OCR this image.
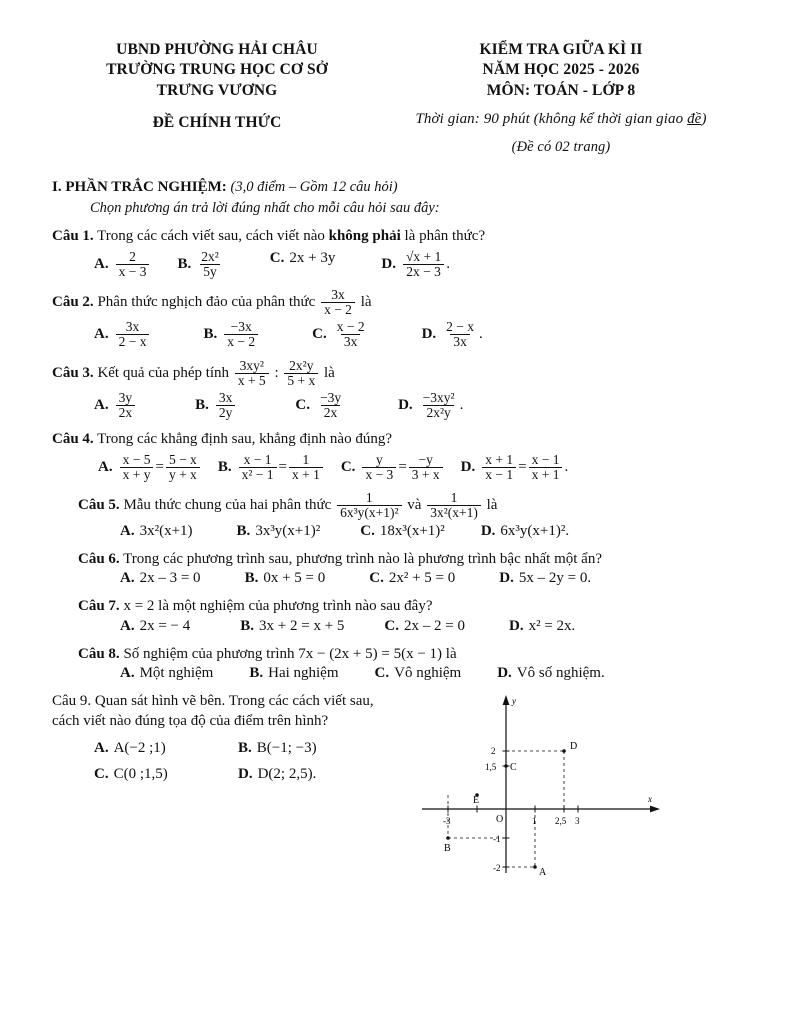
UBND PHƯỜNG HẢI CHÂU
TRƯỜNG TRUNG HỌC CƠ SỞ
TRƯNG VƯƠNG
ĐỀ CHÍNH THỨC
KIỂM TRA GIỮA KÌ II
NĂM HỌC 2025 - 2026
MÔN: TOÁN - LỚP 8
Thời gian: 90 phút (không kể thời gian giao đề)
(Đề có 02 trang)
I. PHẦN TRẮC NGHIỆM: (3,0 điểm – Gồm 12 câu hỏi)
Chọn phương án trả lời đúng nhất cho mỗi câu hỏi sau đây:
Câu 1. Trong các cách viết sau, cách viết nào không phải là phân thức?
A. $\frac{2}{x - 3} B$. $\frac{\text{2x²}}{5y}$	C. 2x + 3y	D. $\frac{√x + 1}{2x - 3}$ .
Câu 2. Phân thức nghịch đảo của phân thức $\frac{3x}{x - 2}$ là
A. $\frac{3x}{2 - x}$	B. $\frac{-3x}{x - 2}$	C. $\frac{x - 2}{3x}$	D. $\frac{2 - x}{3x}$ .
Câu 3. Kết quả của phép tính $\frac{\text{3xy²}}{x + 5}$ : $\frac{\text{2x²y}}{5 + x}$ là
A. $\frac{3y}{2x}$	B. $\frac{3x}{2y}$	C. $\frac{-3y}{2x}$	D. $\frac{\text{−3xy²}}{\text{2x²y}}$ .
Câu 4. Trong các khẳng định sau, khẳng định nào đúng?
A. $\frac{x - 5}{x + y} = \frac{5 - x}{y + x} B$. $\frac{x - 1}{\text{x² − 1}} = \frac{1}{x + 1} C$. $\frac{y}{x - 3} = \frac{-y}{3 + x} D$. $\frac{x + 1}{x - 1} = \frac{x - 1}{x + 1}$ .
Câu 5. Mẫu thức chung của hai phân thức $\frac{1}{\text{6x³y(x+1)²}}$ và $\frac{1}{\text{3x²(x+1)}}$ là
A. 3x²(x+1)	B. 3x³y(x+1)²	C. 18x³(x+1)² D. 6x³y(x+1)².
Câu 6. Trong các phương trình sau, phương trình nào là phương trình bậc nhất một ẩn?
A. 2x – 3 = 0	B. 0x + 5 = 0	C. 2x² + 5 = 0	D. 5x – 2y = 0.
Câu 7. x = 2 là một nghiệm của phương trình nào sau đây?
A. 2x = − 4	B. 3x + 2 = x + 5	C. 2x – 2 = 0	D. x² = 2x.
Câu 8. Số nghiệm của phương trình 7x − (2x + 5) = 5(x − 1) là
A. Một nghiệm B. Hai nghiệm C. Vô nghiệm D. Vô số nghiệm.
Câu 9. Quan sát hình vẽ bên. Trong các cách viết sau, cách viết nào đúng tọa độ của điểm trên hình?
A. A(−2 ;1)	B. B(−1; −3)
C. C(0 ;1,5)	D. D(2; 2,5).
x
y
O
-3	1 2,5 3
2
1,5
-1
-2
D
C
B
E
A
